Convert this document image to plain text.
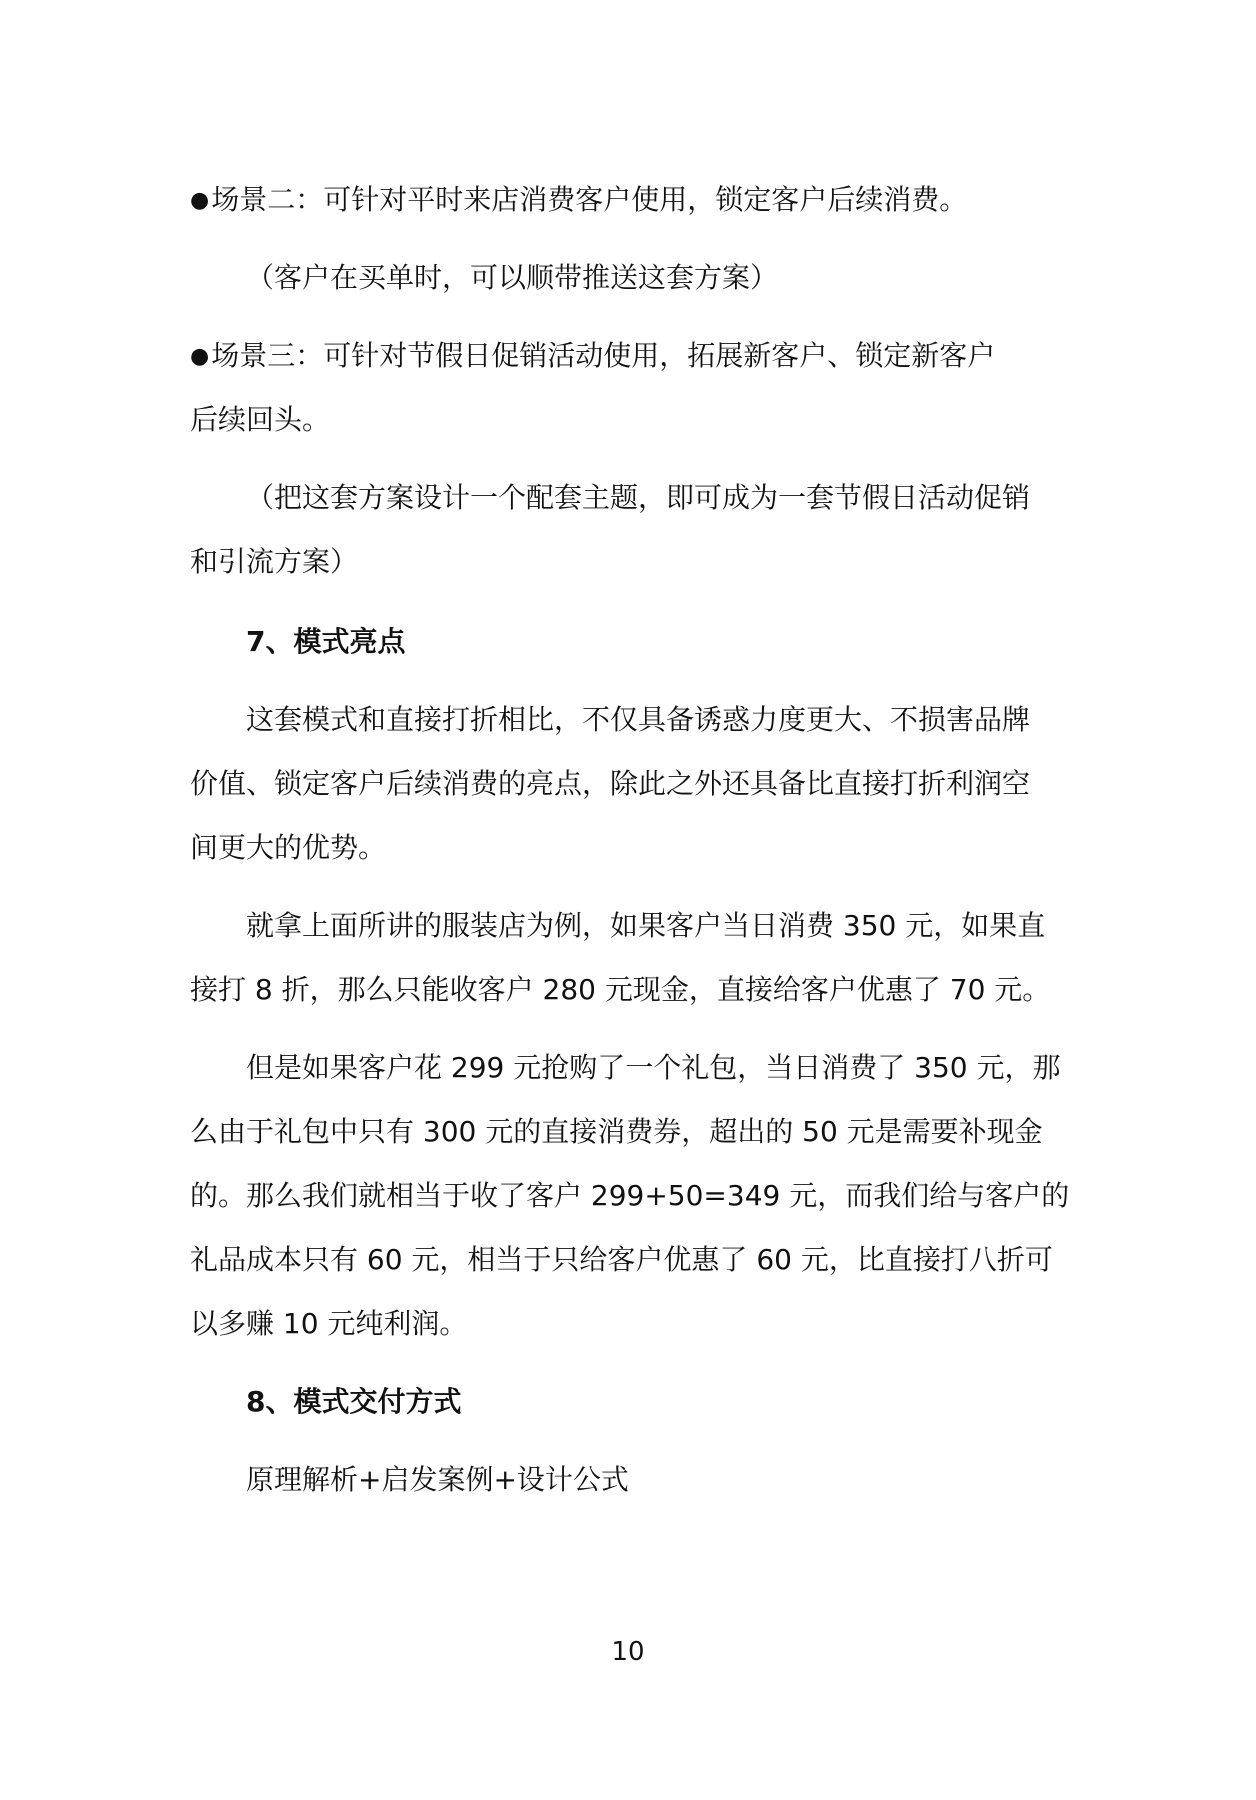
●场景二：可针对平时来店消费客户使用，锁定客户后续消费。
（客户在买单时，可以顺带推送这套方案）
●场景三：可针对节假日促销活动使用，拓展新客户、锁定新客户
后续回头。
（把这套方案设计一个配套主题，即可成为一套节假日活动促销
和引流方案）
7、模式亮点
这套模式和直接打折相比，不仅具备诱惑力度更大、不损害品牌
价值、锁定客户后续消费的亮点，除此之外还具备比直接打折利润空
间更大的优势。
就拿上面所讲的服装店为例，如果客户当日消费 350 元，如果直
接打 8 折，那么只能收客户 280 元现金，直接给客户优惠了 70 元。
但是如果客户花 299 元抢购了一个礼包，当日消费了 350 元，那
么由于礼包中只有 300 元的直接消费券，超出的 50 元是需要补现金
的。那么我们就相当于收了客户 299+50=349 元，而我们给与客户的
礼品成本只有 60 元，相当于只给客户优惠了 60 元，比直接打八折可
以多赚 10 元纯利润。
8、模式交付方式
原理解析+启发案例+设计公式
10
